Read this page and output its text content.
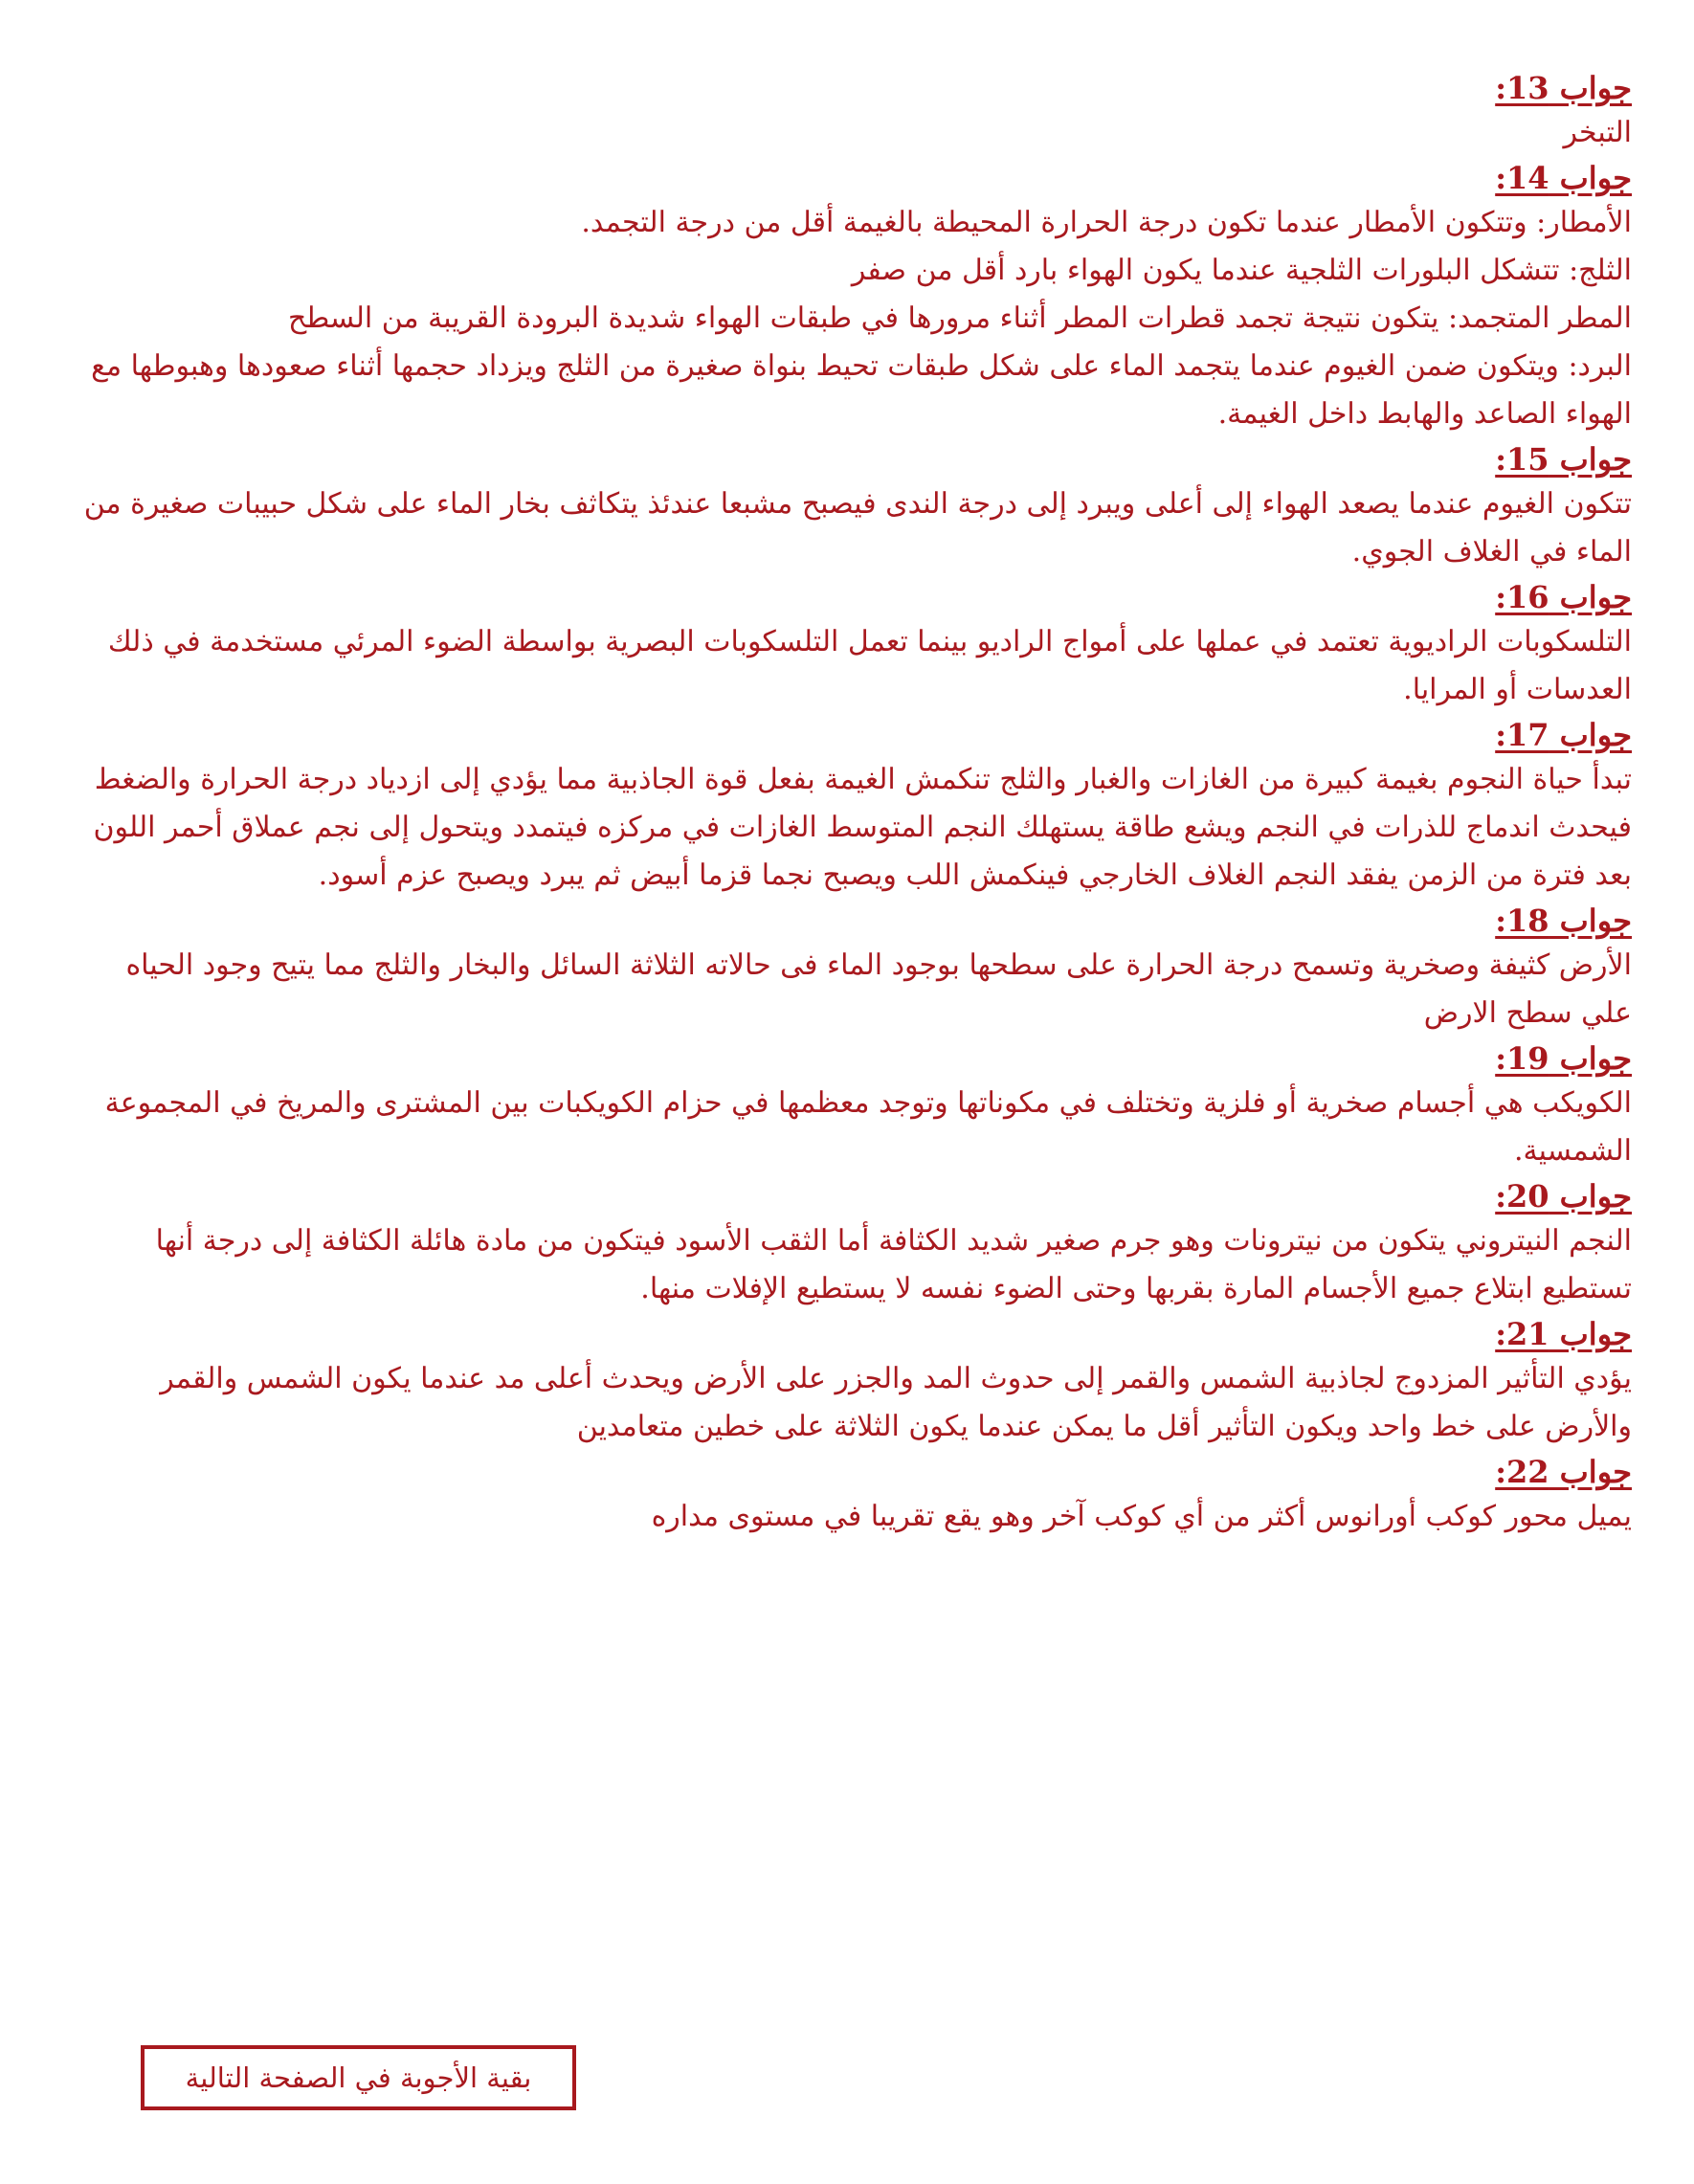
جواب 13:
التبخر
جواب 14:
الأمطار: وتتكون الأمطار عندما تكون درجة الحرارة المحيطة بالغيمة أقل من درجة التجمد.
الثلج: تتشكل البلورات الثلجية عندما يكون الهواء بارد أقل من صفر
المطر المتجمد: يتكون نتيجة تجمد قطرات المطر أثناء مرورها في طبقات الهواء شديدة البرودة القريبة من السطح
البرد: ويتكون ضمن الغيوم عندما يتجمد الماء على شكل طبقات تحيط بنواة صغيرة من الثلج ويزداد حجمها أثناء صعودها وهبوطها مع الهواء الصاعد والهابط داخل الغيمة.
جواب 15:
تتكون الغيوم عندما يصعد الهواء إلى أعلى ويبرد إلى درجة الندى فيصبح مشبعا عندئذ يتكاثف بخار الماء على شكل حبيبات صغيرة من الماء في الغلاف الجوي.
جواب 16:
التلسكوبات الراديوية تعتمد في عملها على أمواج الراديو بينما تعمل التلسكوبات البصرية بواسطة الضوء المرئي مستخدمة في ذلك العدسات أو المرايا.
جواب 17:
تبدأ حياة النجوم بغيمة كبيرة من الغازات والغبار والثلج تنكمش الغيمة بفعل قوة الجاذبية مما يؤدي إلى ازدياد درجة الحرارة والضغط فيحدث اندماج للذرات في النجم ويشع طاقة يستهلك النجم المتوسط الغازات في مركزه فيتمدد ويتحول إلى نجم عملاق أحمر اللون بعد فترة من الزمن يفقد النجم الغلاف الخارجي فينكمش اللب ويصبح نجما قزما أبيض ثم يبرد ويصبح عزم أسود.
جواب 18:
الأرض كثيفة وصخرية وتسمح درجة الحرارة على سطحها بوجود الماء فى حالاته الثلاثة السائل والبخار والثلج مما يتيح وجود الحياه علي سطح الارض
جواب 19:
الكويكب هي أجسام صخرية أو فلزية وتختلف في مكوناتها وتوجد معظمها في حزام الكويكبات بين المشترى والمريخ في المجموعة الشمسية.
جواب 20:
النجم النيتروني يتكون من نيترونات وهو جرم صغير شديد الكثافة أما الثقب الأسود فيتكون من مادة هائلة الكثافة إلى درجة أنها تستطيع ابتلاع جميع الأجسام المارة بقربها وحتى الضوء نفسه لا يستطيع الإفلات منها.
جواب 21:
يؤدي التأثير المزدوج لجاذبية الشمس والقمر إلى حدوث المد والجزر على الأرض ويحدث أعلى مد عندما يكون الشمس والقمر والأرض على خط واحد ويكون التأثير أقل ما يمكن عندما يكون الثلاثة على خطين متعامدين
جواب 22:
يميل محور كوكب أورانوس أكثر من أي كوكب آخر وهو يقع تقريبا في مستوى مداره
بقية الأجوبة في الصفحة التالية
